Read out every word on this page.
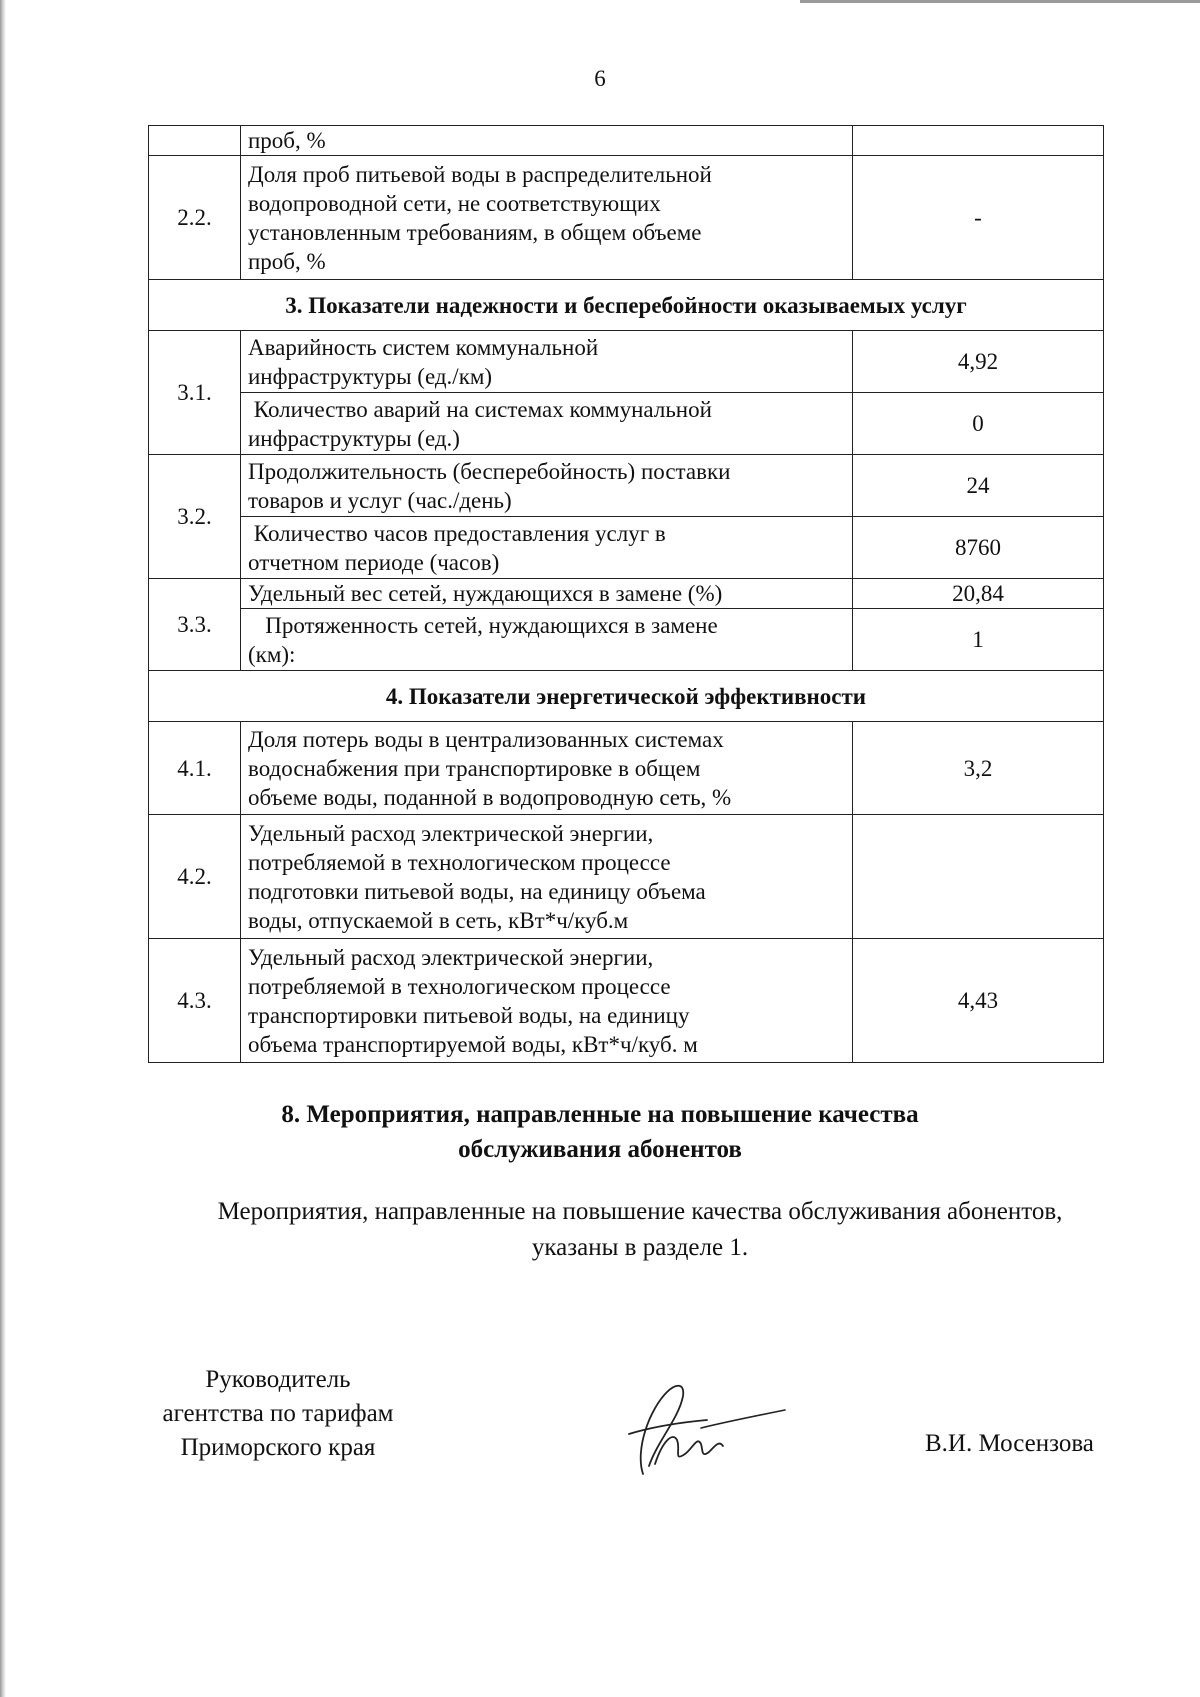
6
	проб, %	
2.2.	Доля проб питьевой воды в распределительной
водопроводной сети, не соответствующих
установленным требованиям, в общем объеме
проб, %	-
3. Показатели надежности и бесперебойности оказываемых услуг		
3.1.	Аварийность систем коммунальной
инфраструктуры (ед./км)	4,92
	Количество аварий на системах коммунальной
инфраструктуры (ед.)	0
3.2.	Продолжительность (бесперебойность) поставки
товаров и услуг (час./день)	24
	Количество часов предоставления услуг в
отчетном периоде (часов)	8760
3.3.	Удельный вес сетей, нуждающихся в замене (%)	20,84
	Протяженность сетей, нуждающихся в замене
(км):	1
4. Показатели энергетической эффективности		
4.1.	Доля потерь воды в централизованных системах
водоснабжения при транспортировке в общем
объеме воды, поданной в водопроводную сеть, %	3,2
4.2.	Удельный расход электрической энергии,
потребляемой в технологическом процессе
подготовки питьевой воды, на единицу объема
воды, отпускаемой в сеть, кВт*ч/куб.м	
4.3.	Удельный расход электрической энергии,
потребляемой в технологическом процессе
транспортировки питьевой воды, на единицу
объема транспортируемой воды, кВт*ч/куб. м	4,43
8. Мероприятия, направленные на повышение качества
обслуживания абонентов
Мероприятия, направленные на повышение качества обслуживания абонентов,
указаны в разделе 1.
Руководитель
агентства по тарифам
Приморского края	В.И. Мосензова
